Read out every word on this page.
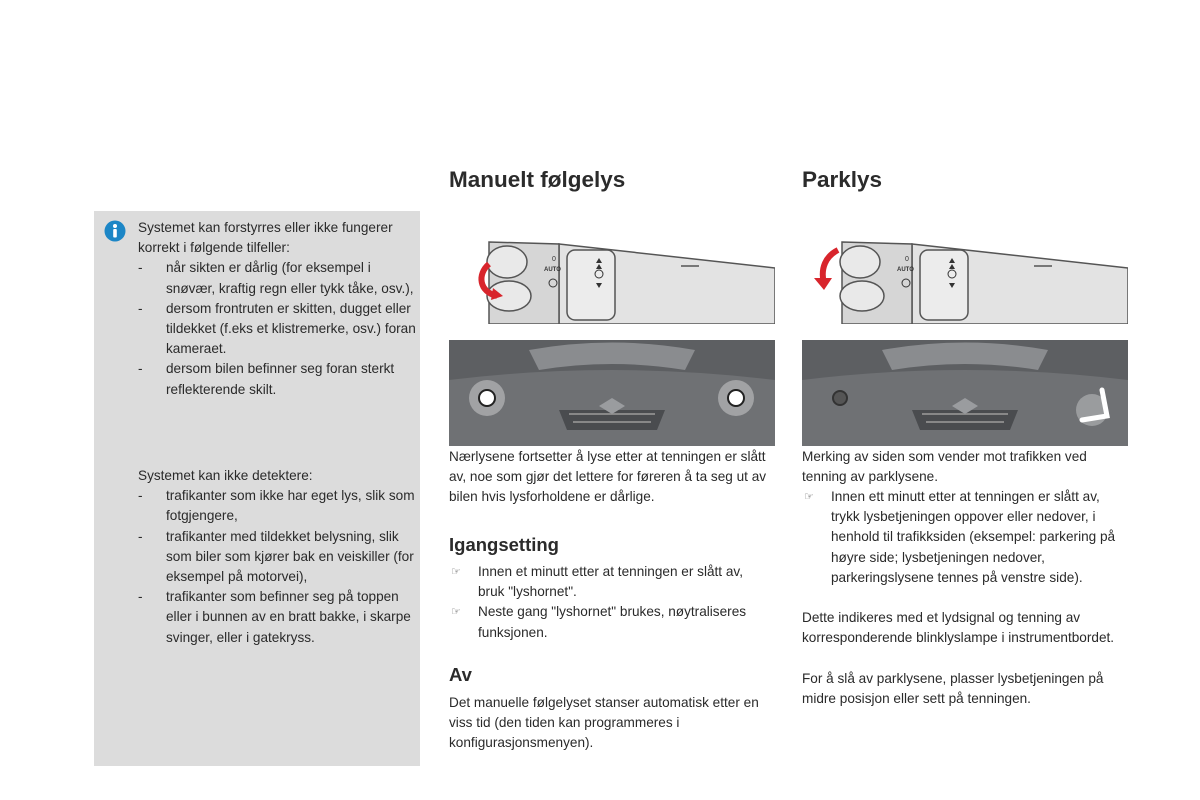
Systemet kan forstyrres eller ikke fungerer korrekt i følgende tilfeller:

- når sikten er dårlig (for eksempel i snøvær, kraftig regn eller tykk tåke, osv.),
- dersom frontruten er skitten, dugget eller tildekket (f.eks et klistremerke, osv.) foran kameraet.
- dersom bilen befinner seg foran sterkt reflekterende skilt.

Systemet kan ikke detektere:

- trafikanter som ikke har eget lys, slik som fotgjengere,
- trafikanter med tildekket belysning, slik som biler som kjører bak en veiskiller (for eksempel på motorvei),
- trafikanter som befinner seg på toppen eller i bunnen av en bratt bakke, i skarpe svinger, eller i gatekryss.
Manuelt følgelys
AUTO
0
Nærlysene fortsetter å lyse etter at tenningen er slått av, noe som gjør det lettere for føreren å ta seg ut av bilen hvis lysforholdene er dårlige.
Igangsetting
☞ Innen et minutt etter at tenningen er slått av, bruk "lyshornet".
☞ Neste gang "lyshornet" brukes, nøytraliseres funksjonen.
Av
Det manuelle følgelyset stanser automatisk etter en viss tid (den tiden kan programmeres i konfigurasjonsmenyen).
Parklys
AUTO
0
Merking av siden som vender mot trafikken ved tenning av parklysene.
☞ Innen ett minutt etter at tenningen er slått av, trykk lysbetjeningen oppover eller nedover, i henhold til trafikksiden (eksempel: parkering på høyre side; lysbetjeningen nedover, parkeringslysene tennes på venstre side).
Dette indikeres med et lydsignal og tenning av korresponderende blinklyslampe i instrumentbordet.
For å slå av parklysene, plasser lysbetjeningen på midre posisjon eller sett på tenningen.
